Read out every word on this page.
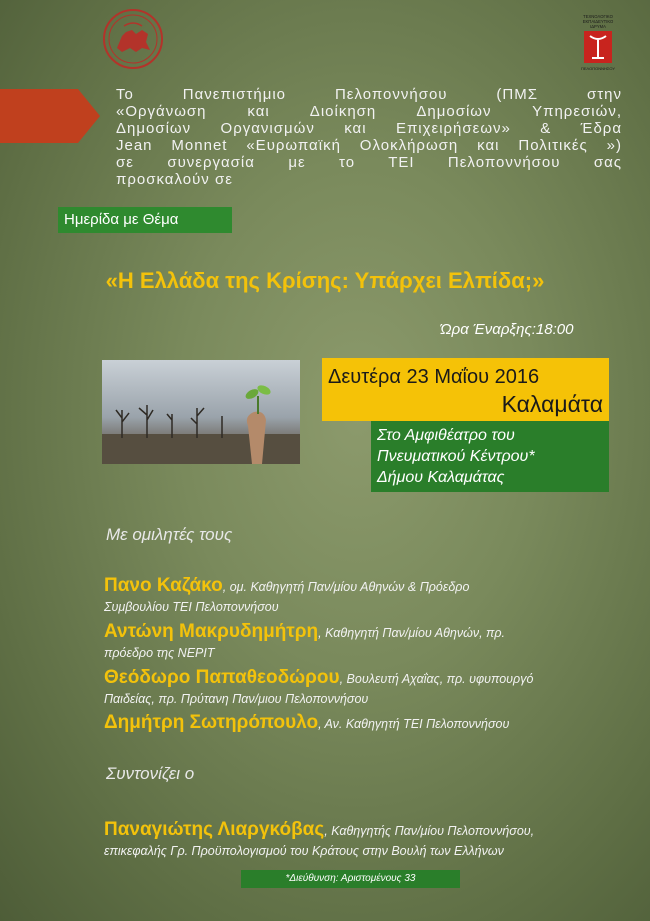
ΤΕΧΝΟΛΟΓΙΚΟ
ΕΚΠΑΙΔΕΥΤΙΚΟ
ΙΔΡΥΜΑ
ΠΕΛΟΠΟΝΝΗΣΟΥ
Το Πανεπιστήμιο Πελοποννήσου (ΠΜΣ στην
«Οργάνωση και Διοίκηση Δημοσίων Υπηρεσιών,
Δημοσίων Οργανισμών και Επιχειρήσεων» & Έδρα
Jean Monnet «Ευρωπαϊκή Ολοκλήρωση και Πολιτικές »)
σε συνεργασία με το ΤΕΙ Πελοποννήσου σας
προσκαλούν σε
Ημερίδα με Θέμα
«Η Ελλάδα της Κρίσης: Υπάρχει Ελπίδα;»
Ώρα Έναρξης:18:00
Δευτέρα 23 Μαΐου 2016
Καλαμάτα
Στο Αμφιθέατρο του
Πνευματικού Κέντρου*
Δήμου Καλαμάτας
Με ομιλητές τους

Πανο Καζάκο, ομ. Καθηγητή Παν/μίου Αθηνών & Πρόεδρο
Συμβουλίου ΤΕΙ Πελοποννήσου

Αντώνη Μακρυδημήτρη, Καθηγητή Παν/μίου Αθηνών, πρ.
πρόεδρο της ΝΕΡΙΤ

Θεόδωρο Παπαθεοδώρου, Βουλευτή Αχαΐας, πρ. υφυπουργό
Παιδείας, πρ. Πρύτανη Παν/μιου Πελοποννήσου

Δημήτρη Σωτηρόπουλο, Αν. Καθηγητή ΤΕΙ Πελοποννήσου

Συντονίζει ο

Παναγιώτης Λιαργκόβας, Καθηγητής Παν/μίου Πελοποννήσου,
επικεφαλής Γρ. Προϋπολογισμού του Κράτους στην Βουλή των Ελλήνων

*Διεύθυνση: Αριστομένους 33
